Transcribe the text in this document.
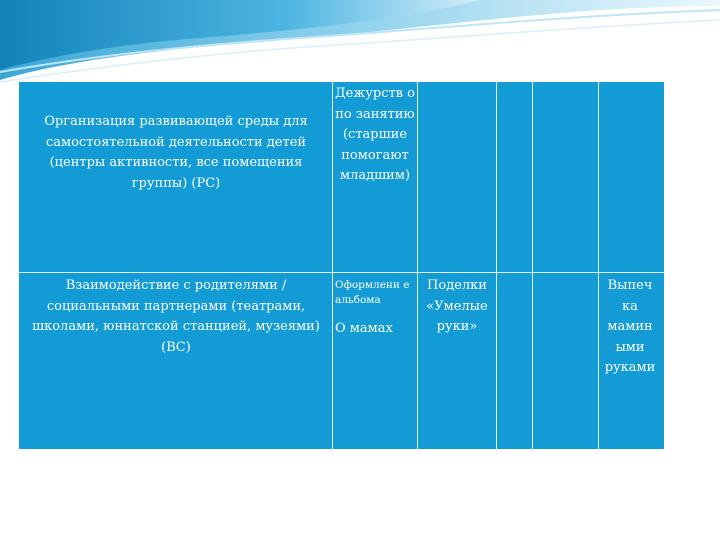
Организация развивающей среды для самостоятельной деятельности детей (центры активности, все помещения группы) (РС)
Дежурств о по занятию (старшие помогают младшим)
Взаимодействие с родителями / социальными партнерами (театрами, школами, юннатской станцией, музеями) (ВС)
Оформлени е альбома
О мамах
Поделки «Умелые руки»
Выпеч ка мамин ыми руками
